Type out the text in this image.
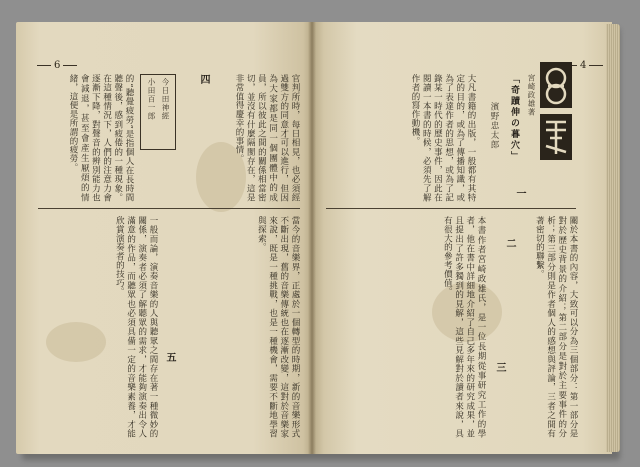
6
今日田神經
小田百一郎	四
的“聽覺疲勞”是指個人在長時間聽聲後，感到疲倦的一種現象。在這種情況下，人們的注意力會逐漸下降，對聲音的辨別能力也會減退，甚至會產生厭煩的情緒，這便是所謂的疲勞。	官判所時，每日相見，也必須經過雙方的同意才可以進行，但因為大家都是同一個團體中的成員，所以彼此之間的關係相當密切，並沒有什麼隔閡存在，這是非常值得慶幸的事情。
一般而論，演奏音樂的人與聽眾之間存在著一種微妙的關係，演奏者必須了解聽眾的需求，才能夠演奏出令人滿意的作品，而聽眾也必須具備一定的音樂素養，才能欣賞演奏者的技巧。	當今的音樂界，正處於一個轉型的時期，新的音樂形式不斷出現，舊的音樂傳統也在逐漸改變，這對於音樂家來說，既是一種挑戰，也是一種機會，需要不斷地學習與探索。
五
4
宮崎政雄著
「奇蹟伸の暮穴」
濱野忠太郎
一
大凡書籍的出版，一般都有其特定的目的，或為了傳播知識，或為了表達作者的思想，或為了記錄某一時代的歷史事件，因此在閱讀一本書的時候，必須先了解作者的寫作動機。
二
本書作者宮崎政雄氏，是一位長期從事研究工作的學者，他在書中詳細地介紹了自己多年來的研究成果，並且提出了許多獨到的見解，這些見解對於讀者來說，具有很大的參考價值。	關於本書的內容，大致可以分為三個部分：第一部分是對於歷史背景的介紹；第二部分是對於主要事件的分析；第三部分則是作者個人的感想與評論，三者之間有著密切的聯繫。
三
